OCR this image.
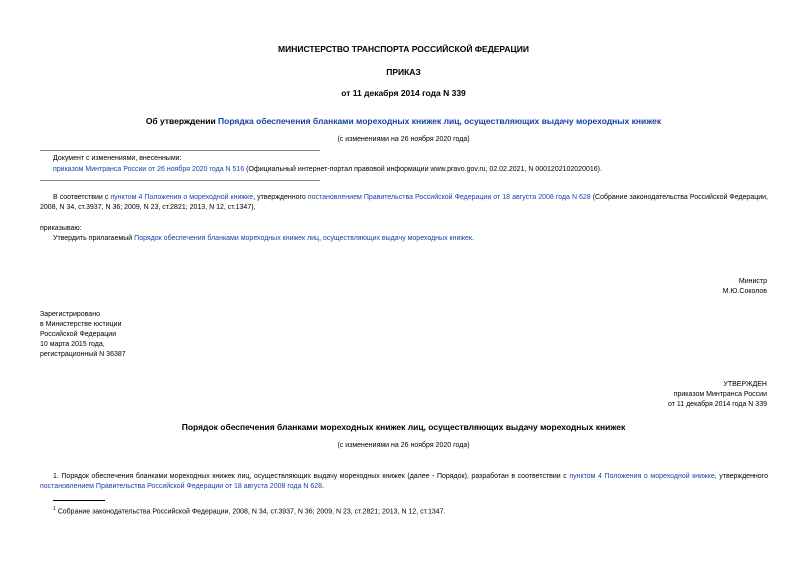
МИНИСТЕРСТВО ТРАНСПОРТА РОССИЙСКОЙ ФЕДЕРАЦИИ
ПРИКАЗ
от 11 декабря 2014 года N 339
Об утверждении Порядка обеспечения бланками мореходных книжек лиц, осуществляющих выдачу мореходных книжек
(с изменениями на 26 ноября 2020 года)
Документ с изменениями, внесенными:
приказом Минтранса России от 26 ноября 2020 года N 516 (Официальный интернет-портал правовой информации www.pravo.gov.ru, 02.02.2021, N 0001202102020016).
В соответствии с пунктом 4 Положения о мореходной книжке, утвержденного постановлением Правительства Российской Федерации от 18 августа 2008 года N 628 (Собрание законодательства Российской Федерации, 2008, N 34, ст.3937, N 36; 2009, N 23, ст.2821; 2013, N 12, ст.1347),
приказываю:
Утвердить прилагаемый Порядок обеспечения бланками мореходных книжек лиц, осуществляющих выдачу мореходных книжек.
Министр
М.Ю.Соколов
Зарегистрировано
в Министерстве юстиции
Российской Федерации
10 марта 2015 года,
регистрационный N 36387
УТВЕРЖДЕН
приказом Минтранса России
от 11 декабря 2014 года N 339
Порядок обеспечения бланками мореходных книжек лиц, осуществляющих выдачу мореходных книжек
(с изменениями на 26 ноября 2020 года)
1. Порядок обеспечения бланками мореходных книжек лиц, осуществляющих выдачу мореходных книжек (далее - Порядок), разработан в соответствии с пунктом 4 Положения о мореходной книжке, утвержденного постановлением Правительства Российской Федерации от 18 августа 2008 года N 628.
$^1$ Собрание законодательства Российской Федерации, 2008, N 34, ст.3937, N 36; 2009, N 23, ст.2821; 2013, N 12, ст.1347.
